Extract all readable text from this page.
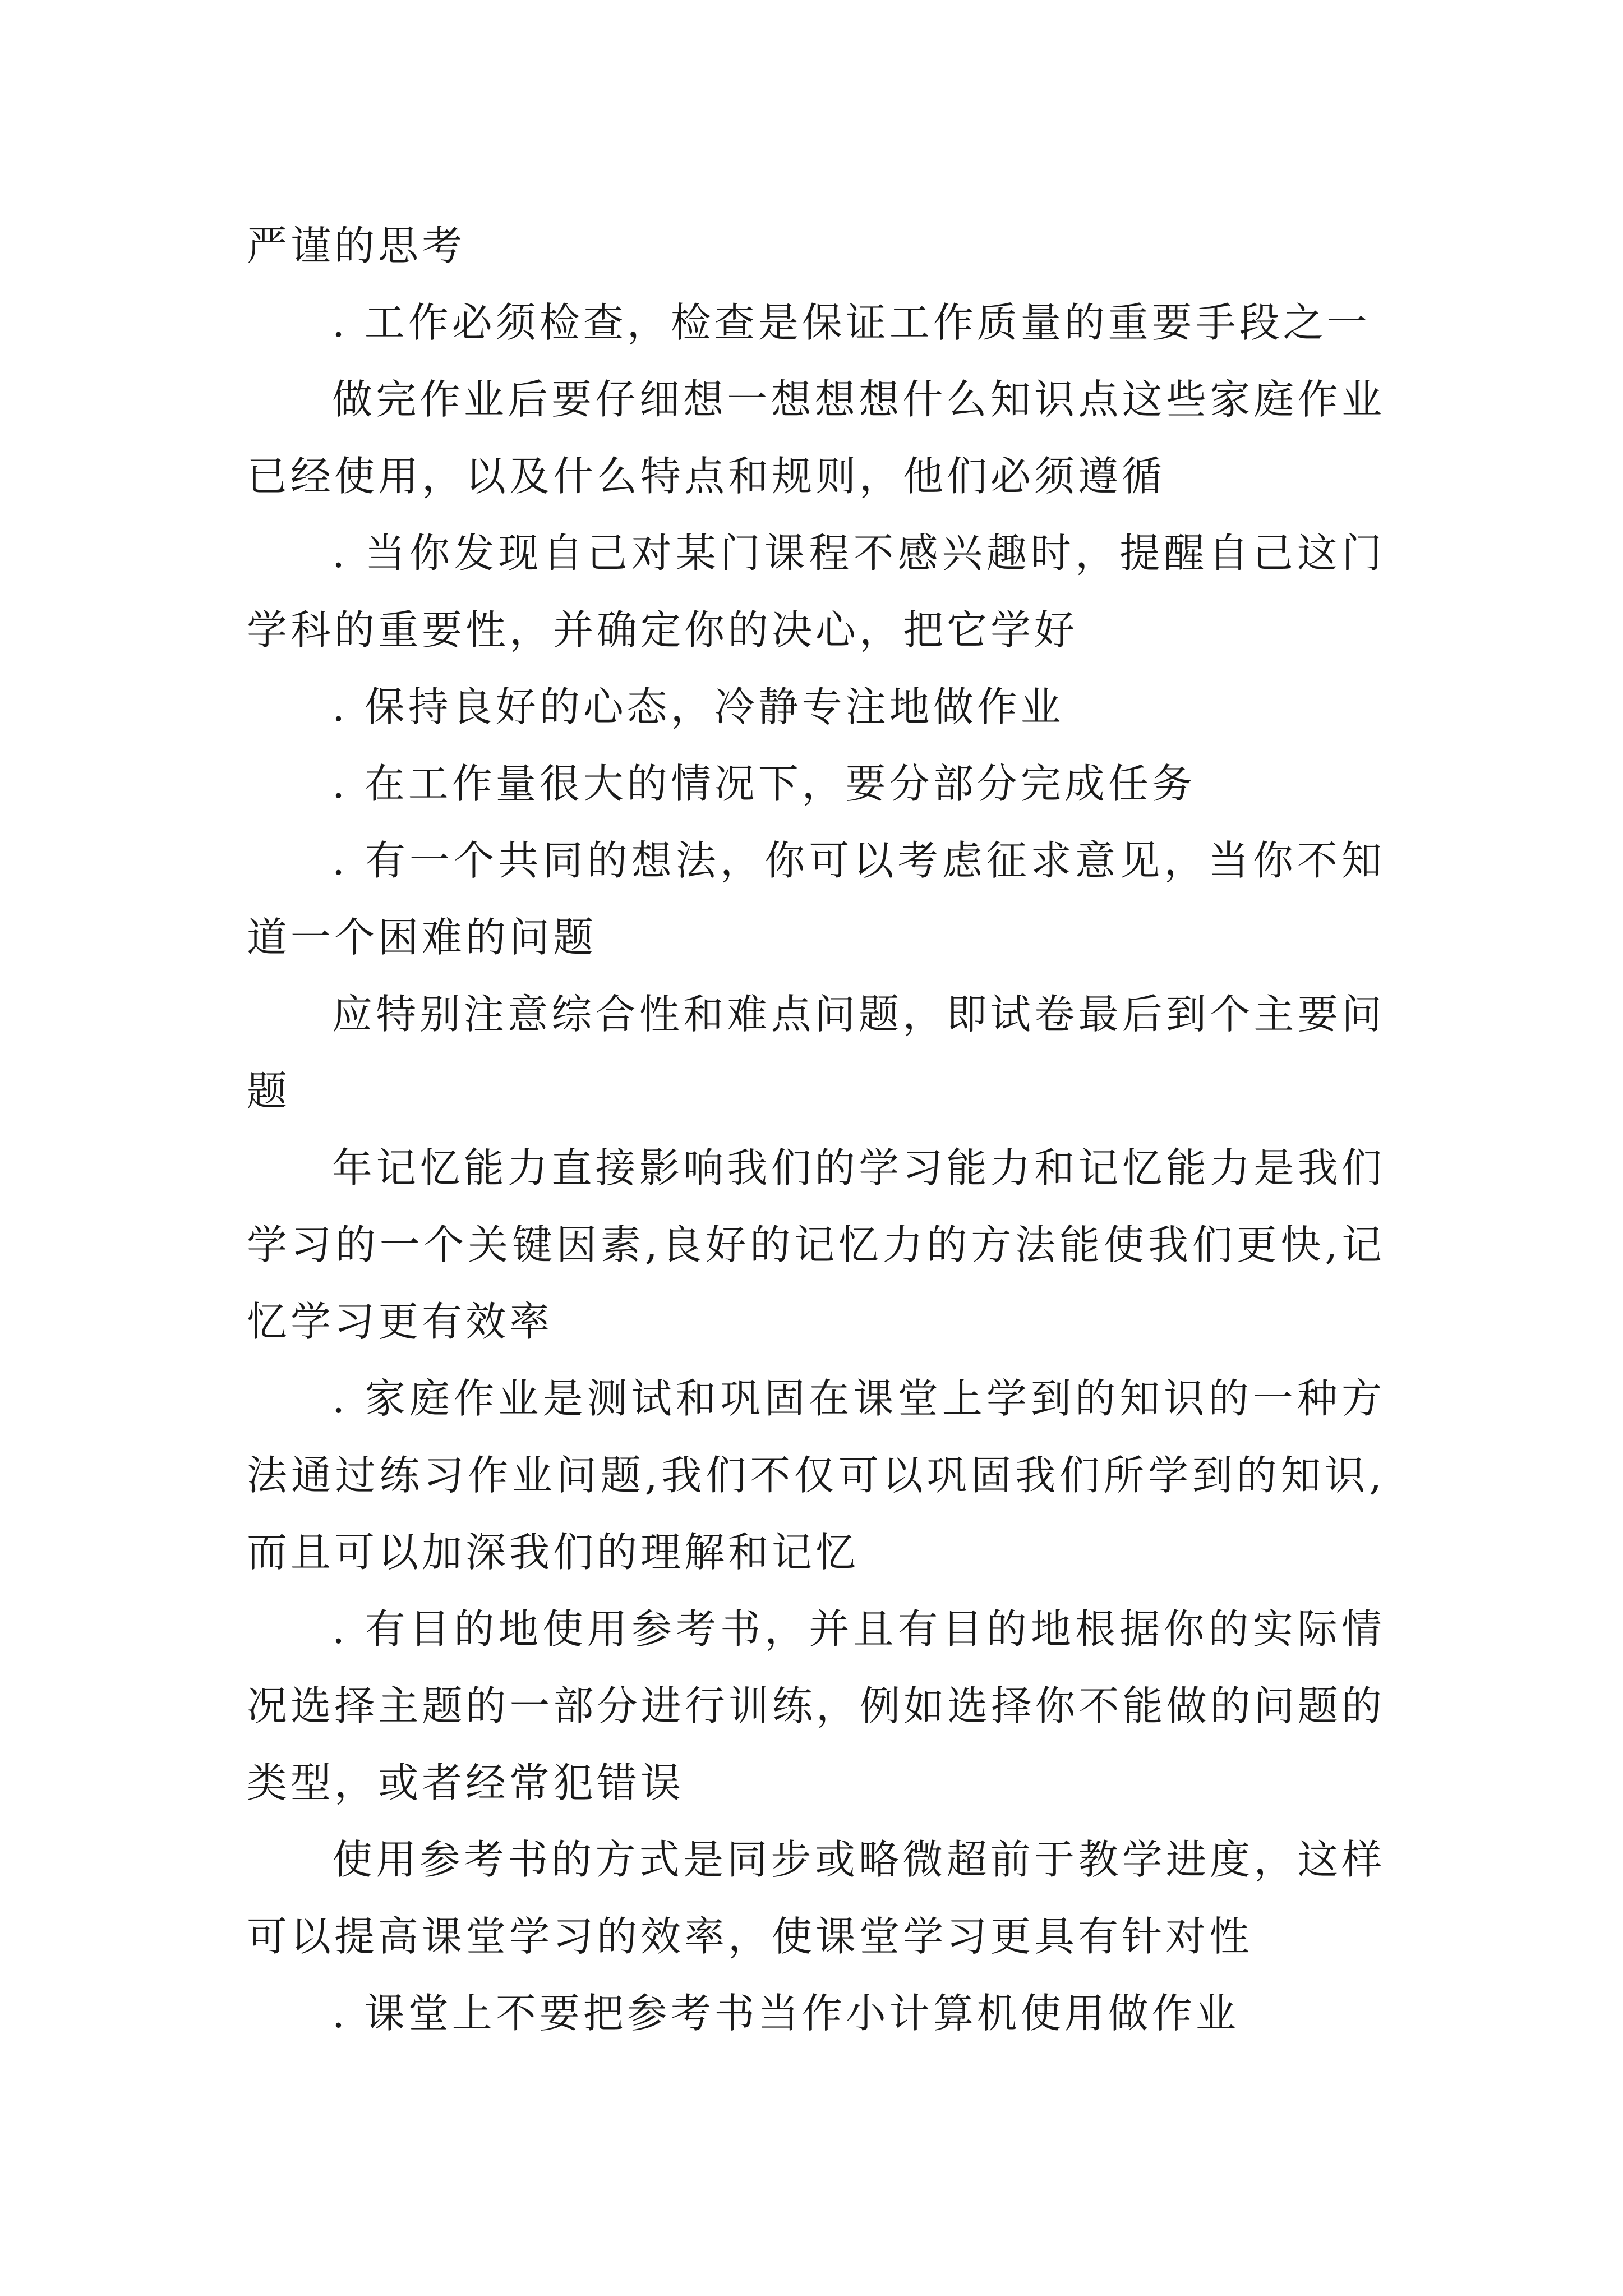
严谨的思考

. 工作必须检查，检查是保证工作质量的重要手段之一

做完作业后要仔细想一想想想什么知识点这些家庭作业已经使用，以及什么特点和规则，他们必须遵循

. 当你发现自己对某门课程不感兴趣时，提醒自己这门学科的重要性，并确定你的决心，把它学好

. 保持良好的心态，冷静专注地做作业

. 在工作量很大的情况下，要分部分完成任务

. 有一个共同的想法，你可以考虑征求意见，当你不知道一个困难的问题

应特别注意综合性和难点问题，即试卷最后到个主要问题

年记忆能力直接影响我们的学习能力和记忆能力是我们学习的一个关键因素,良好的记忆力的方法能使我们更快,记忆学习更有效率

. 家庭作业是测试和巩固在课堂上学到的知识的一种方法通过练习作业问题,我们不仅可以巩固我们所学到的知识,而且可以加深我们的理解和记忆

. 有目的地使用参考书，并且有目的地根据你的实际情况选择主题的一部分进行训练，例如选择你不能做的问题的类型，或者经常犯错误

使用参考书的方式是同步或略微超前于教学进度，这样可以提高课堂学习的效率，使课堂学习更具有针对性

. 课堂上不要把参考书当作小计算机使用做作业
